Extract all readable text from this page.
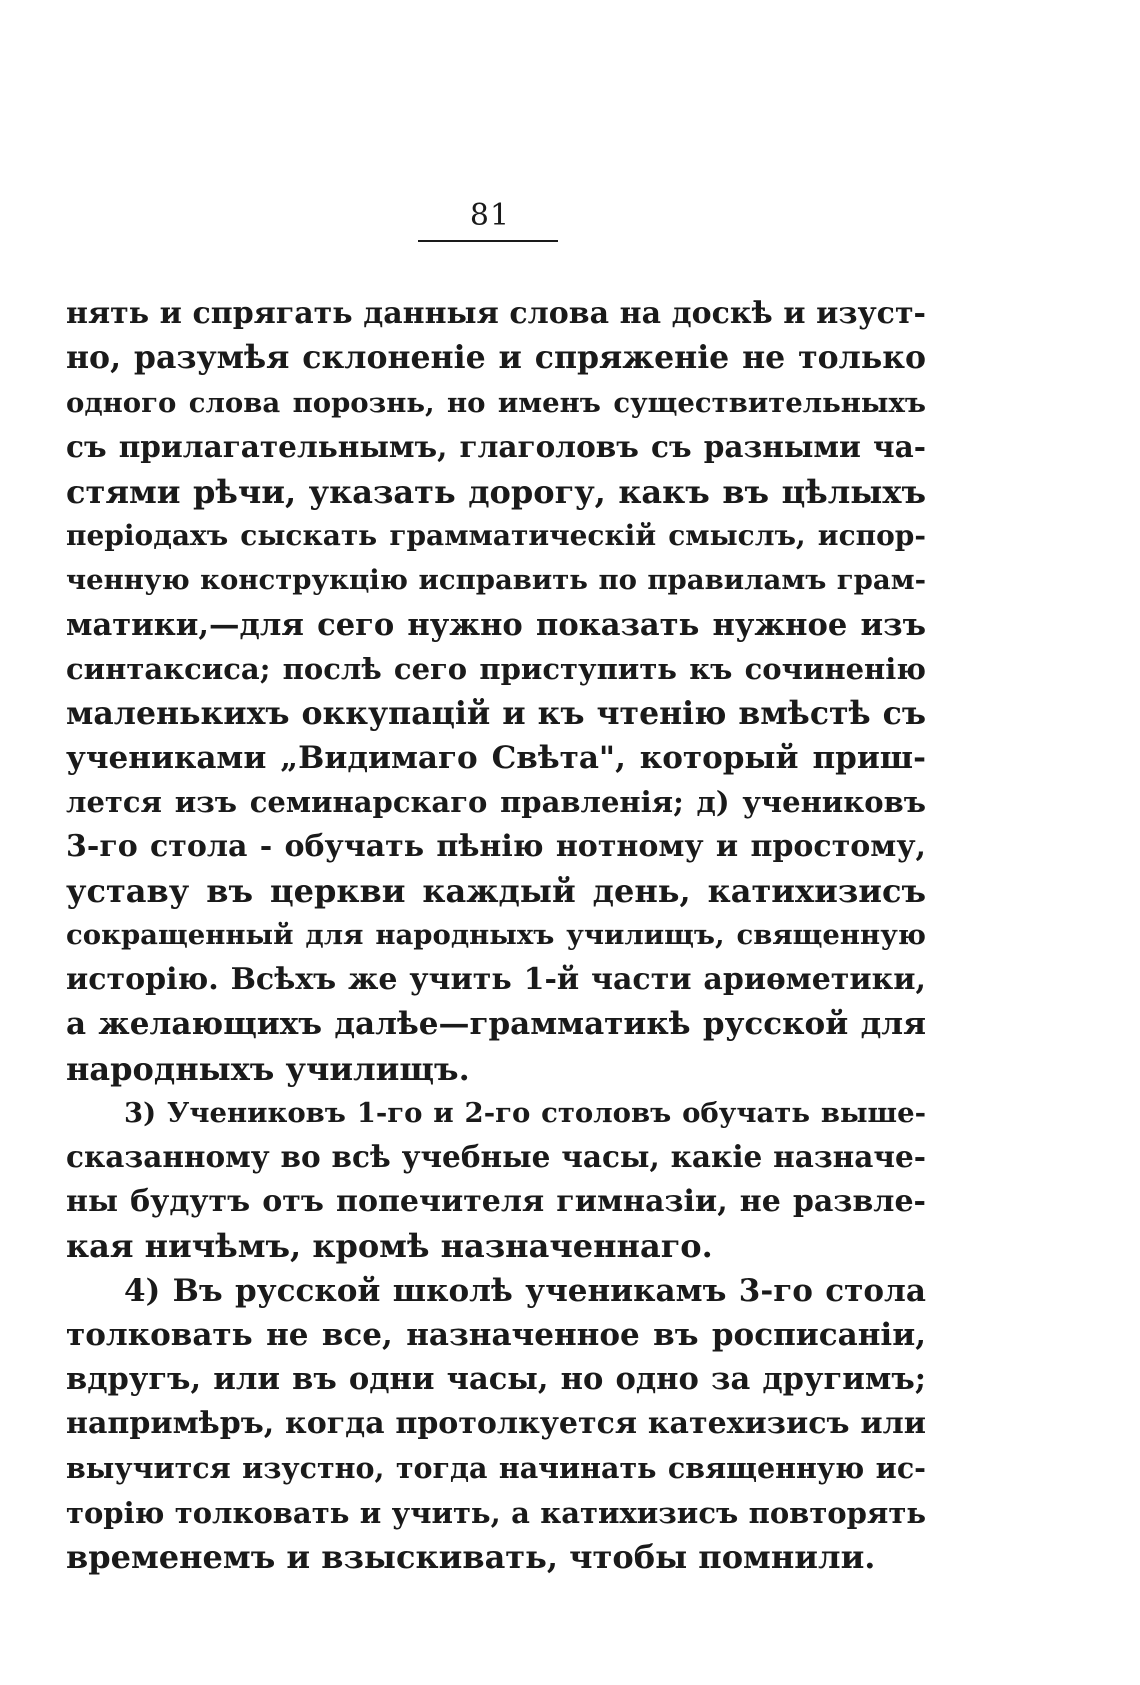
81
нять и спрягать данныя слова на доскѣ и изуст-
но, разумѣя склоненіе и спряженіе не только
одного слова порознь, но именъ существительныхъ
съ прилагательнымъ, глаголовъ съ разными ча-
стями рѣчи, указать дорогу, какъ въ цѣлыхъ
періодахъ сыскать грамматическій смыслъ, испор-
ченную конструкцію исправить по правиламъ грам-
матики,—для сего нужно показать нужное изъ
синтаксиса; послѣ сего приступить къ сочиненію
маленькихъ оккупацій и къ чтенію вмѣстѣ съ
учениками „Видимаго Свѣта", который приш-
лется изъ семинарскаго правленія; д) учениковъ
3-го стола - обучать пѣнію нотному и простому,
уставу въ церкви каждый день, катихизисъ
сокращенный для народныхъ училищъ, священную
исторію. Всѣхъ же учить 1-й части ариѳметики,
а желающихъ далѣе—грамматикѣ русской для
народныхъ училищъ.
3) Учениковъ 1-го и 2-го столовъ обучать выше-
сказанному во всѣ учебные часы, какіе назначе-
ны будутъ отъ попечителя гимназіи, не развле-
кая ничѣмъ, кромѣ назначеннаго.
4) Въ русской школѣ ученикамъ 3-го стола
толковать не все, назначенное въ росписаніи,
вдругъ, или въ одни часы, но одно за другимъ;
напримѣръ, когда протолкуется катехизисъ или
выучится изустно, тогда начинать священную ис-
торію толковать и учить, а катихизисъ повторять
временемъ и взыскивать, чтобы помнили.
